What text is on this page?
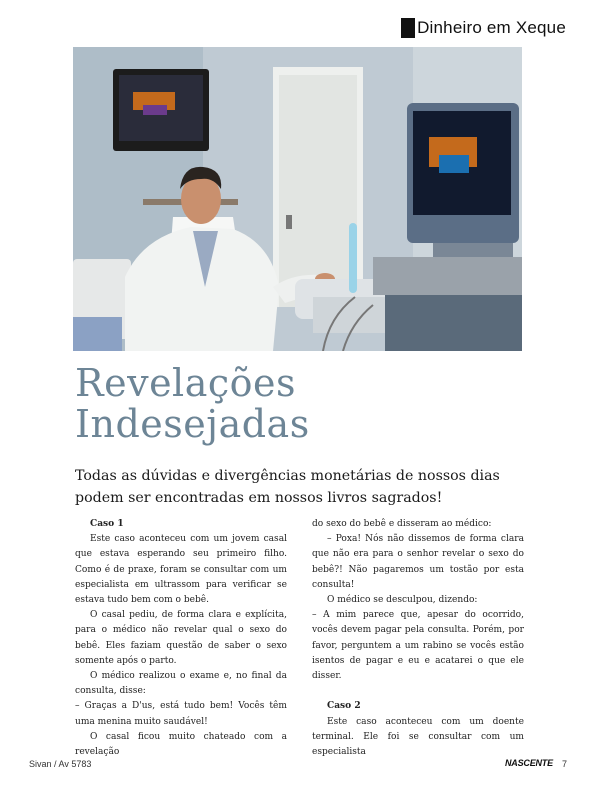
Dinheiro em Xeque
Revelações
Indesejadas

Todas as dúvidas e divergências monetárias de nossos dias podem ser encontradas em nossos livros sagrados!

Caso 1

Este caso aconteceu com um jovem casal que estava esperando seu primeiro filho. Como é de praxe, foram se consultar com um especialista em ultrassom para verificar se estava tudo bem com o bebê.

O casal pediu, de forma clara e explícita, para o médico não revelar qual o sexo do bebê. Eles faziam questão de saber o sexo somente após o parto.

O médico realizou o exame e, no final da consulta, disse:

– Graças a D'us, está tudo bem! Vocês têm uma menina muito saudável!

O casal ficou muito chateado com a revelação

do sexo do bebê e disseram ao médico:

– Poxa! Nós não dissemos de forma clara que não era para o senhor revelar o sexo do bebê?! Não pagaremos um tostão por esta consulta!

O médico se desculpou, dizendo:

– A mim parece que, apesar do ocorrido, vocês devem pagar pela consulta. Porém, por favor, perguntem a um rabino se vocês estão isentos de pagar e eu e acatarei o que ele disser.

Caso 2

Este caso aconteceu com um doente terminal. Ele foi se consultar com um especialista

Sivan / Av 5783	NASCENTE 7
